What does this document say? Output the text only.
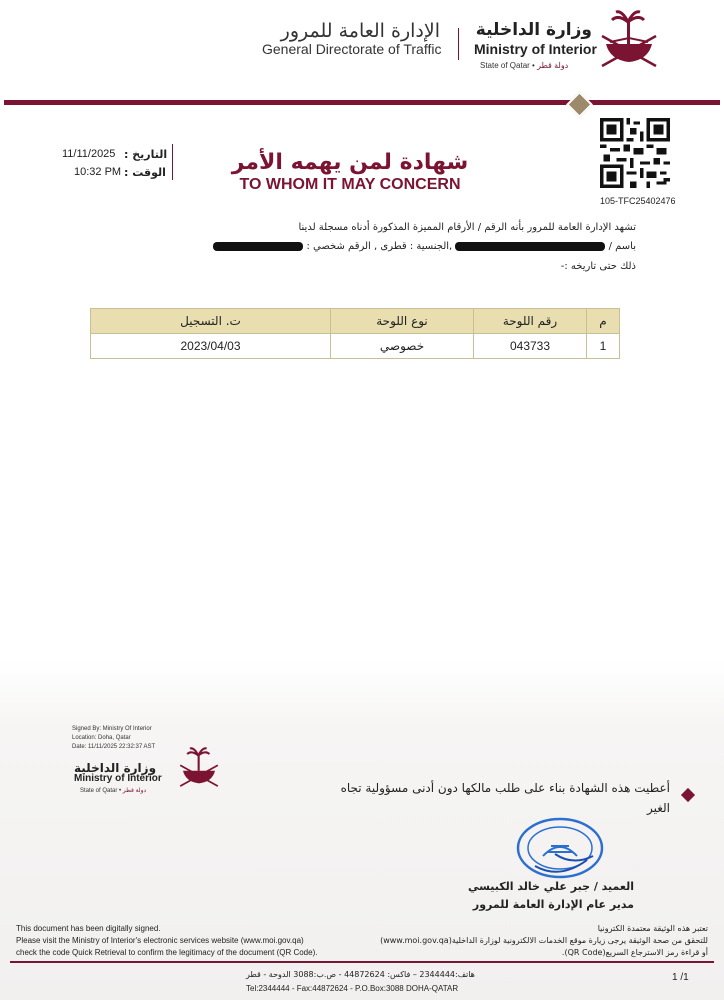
الإدارة العامة للمرور
General Directorate of Traffic
وزارة الداخلية
Ministry of Interior
State of Qatar • دولة قطر
105-TFC25402476
11/11/2025 التاريخ :
10:32 PM الوقت :	شهادة لمن يهمه الأمر
TO WHOM IT MAY CONCERN
تشهد الإدارة العامة للمرور بأنه الرقم / الأرقام المميزة المذكورة أدناه مسجلة لدينا
باسم /  ,الجنسية : قطرى , الرقم شخصي :
ذلك حتى تاريخه :-
م	رقم اللوحة	نوع اللوحة	ت. التسجيل
1	043733	خصوصي	2023/04/03
Signed By: Ministry Of Interior
Location: Doha, Qatar
Date: 11/11/2025 22:32:37 AST
وزارة الداخلية
Ministry of Interior
State of Qatar • دولة قطر	أعطيت هذه الشهادة بناء على طلب مالكها دون أدنى مسؤولية تجاه الغير
العميد / جبر علي خالد الكبيسي
مدير عام الإدارة العامة للمرور
This document has been digitally signed.
Please visit the Ministry of Interior's electronic services website (www.moi.gov.qa)
check the code Quick Retrieval to confirm the legitimacy of the document (QR Code).
تعتبر هذه الوثيقة معتمدة الكترونيا
للتحقق من صحة الوثيقة يرجى زيارة موقع الخدمات الالكترونية لوزارة الداخلية(www.moi.gov.qa)
أو قراءة رمز الاسترجاع السريع(QR Code).
هاتف:2344444 – فاكس: 44872624 - ص.ب:3088 الدوحة - قطر
Tel:2344444 - Fax:44872624 - P.O.Box:3088 DOHA-QATAR
1 /1
